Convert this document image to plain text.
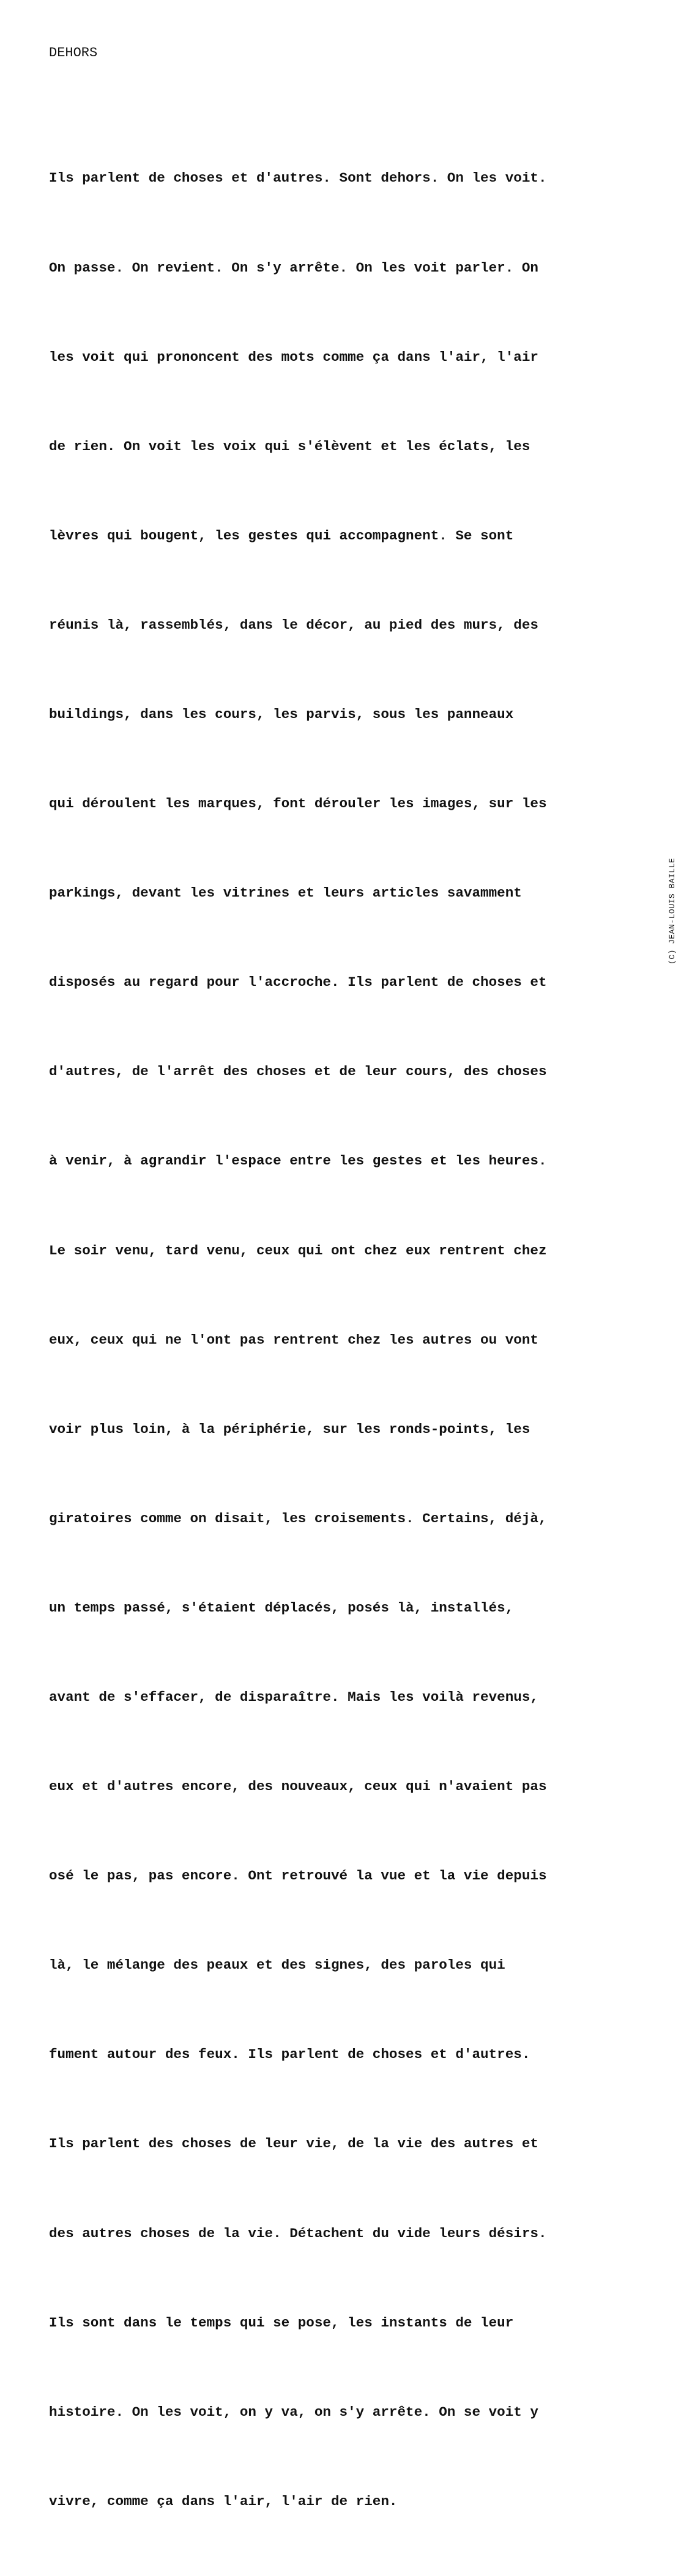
DEHORS

Ils parlent de choses et d'autres. Sont dehors. On les voit.

On passe. On revient. On s'y arrête. On les voit parler. On

les voit qui prononcent des mots comme ça dans l'air, l'air

de rien. On voit les voix qui s'élèvent et les éclats, les

lèvres qui bougent, les gestes qui accompagnent. Se sont

réunis là, rassemblés, dans le décor, au pied des murs, des

buildings, dans les cours, les parvis, sous les panneaux

qui déroulent les marques, font dérouler les images, sur les

parkings, devant les vitrines et leurs articles savamment

disposés au regard pour l'accroche. Ils parlent de choses et

d'autres, de l'arrêt des choses et de leur cours, des choses

à venir, à agrandir l'espace entre les gestes et les heures.

Le soir venu, tard venu, ceux qui ont chez eux rentrent chez

eux, ceux qui ne l'ont pas rentrent chez les autres ou vont

voir plus loin, à la périphérie, sur les ronds-points, les

giratoires comme on disait, les croisements. Certains, déjà,

un temps passé, s'étaient déplacés, posés là, installés,

avant de s'effacer, de disparaître. Mais les voilà revenus,

eux et d'autres encore, des nouveaux, ceux qui n'avaient pas

osé le pas, pas encore. Ont retrouvé la vue et la vie depuis

là, le mélange des peaux et des signes, des paroles qui

fument autour des feux. Ils parlent de choses et d'autres.

Ils parlent des choses de leur vie, de la vie des autres et

des autres choses de la vie. Détachent du vide leurs désirs.

Ils sont dans le temps qui se pose, les instants de leur

histoire. On les voit, on y va, on s'y arrête. On se voit y

vivre, comme ça dans l'air, l'air de rien.

(C) JEAN-LOUIS BAILLE
